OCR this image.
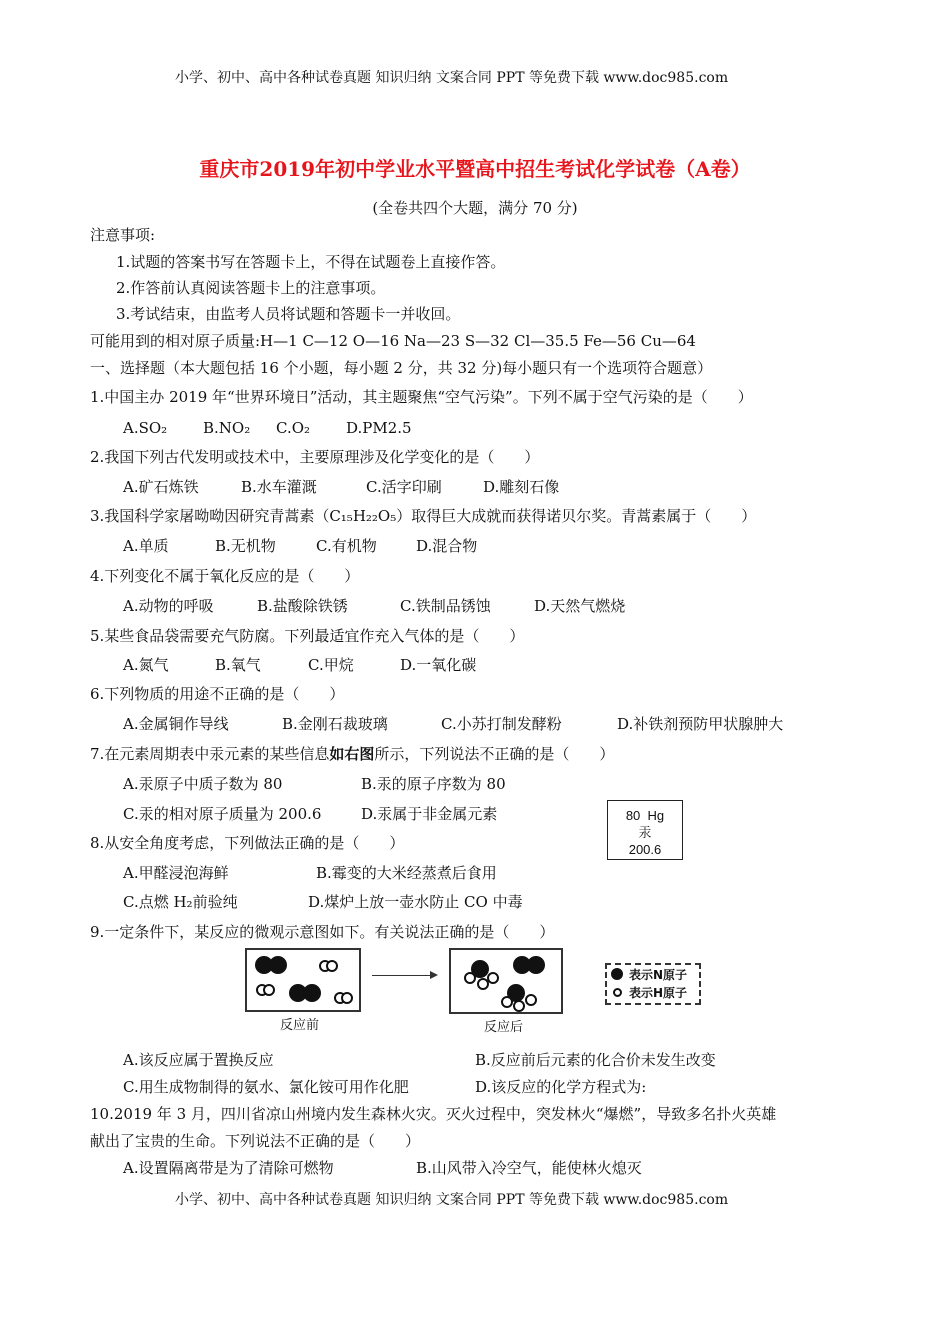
小学、初中、高中各种试卷真题 知识归纳 文案合同 PPT 等免费下载 www.doc985.com
重庆市2019年初中学业水平暨高中招生考试化学试卷（A卷）
(全卷共四个大题，满分 70 分)
注意事项:
1.试题的答案书写在答题卡上，不得在试题卷上直接作答。
2.作答前认真阅读答题卡上的注意事项。
3.考试结束，由监考人员将试题和答题卡一并收回。
可能用到的相对原子质量:H—1 C—12 O—16 Na—23 S—32 Cl—35.5 Fe—56 Cu—64
一、选择题（本大题包括 16 个小题，每小题 2 分，共 32 分)每小题只有一个选项符合题意）
1.中国主办 2019 年“世界环境日”活动，其主题聚焦“空气污染”。下列不属于空气污染的是（　　）
A.SO₂ B.NO₂ C.O₂ D.PM2.5
2.我国下列古代发明或技术中，主要原理涉及化学变化的是（　　）
A.矿石炼铁	B.水车灌溉	C.活字印刷	D.雕刻石像
3.我国科学家屠呦呦因研究青蒿素（C₁₅H₂₂O₅）取得巨大成就而获得诺贝尔奖。青蒿素属于（　　）
A.单质	B.无机物	C.有机物	D.混合物
4.下列变化不属于氧化反应的是（　　）
A.动物的呼吸	B.盐酸除铁锈	C.铁制品锈蚀	D.天然气燃烧
5.某些食品袋需要充气防腐。下列最适宜作充入气体的是（　　）
A.氮气	B.氧气	C.甲烷	D.一氧化碳
6.下列物质的用途不正确的是（　　）
A.金属铜作导线	B.金刚石裁玻璃	C.小苏打制发酵粉	D.补铁剂预防甲状腺肿大
7.在元素周期表中汞元素的某些信息如右图所示，下列说法不正确的是（　　）
A.汞原子中质子数为 80	B.汞的原子序数为 80
C.汞的相对原子质量为 200.6	D.汞属于非金属元素	80 Hg
汞
200.6
8.从安全角度考虑，下列做法正确的是（　　）
A.甲醛浸泡海鲜	B.霉变的大米经蒸煮后食用
C.点燃 H₂前验纯	D.煤炉上放一壶水防止 CO 中毒
9.一定条件下，某反应的微观示意图如下。有关说法正确的是（　　）
反应前	反应后
表示N原子
表示H原子
A.该反应属于置换反应	B.反应前后元素的化合价未发生改变
C.用生成物制得的氨水、氯化铵可用作化肥	D.该反应的化学方程式为:
10.2019 年 3 月，四川省凉山州境内发生森林火灾。灭火过程中，突发林火“爆燃”，导致多名扑火英雄
献出了宝贵的生命。下列说法不正确的是（　　）
A.设置隔离带是为了清除可燃物	B.山风带入冷空气，能使林火熄灭
小学、初中、高中各种试卷真题 知识归纳 文案合同 PPT 等免费下载 www.doc985.com
